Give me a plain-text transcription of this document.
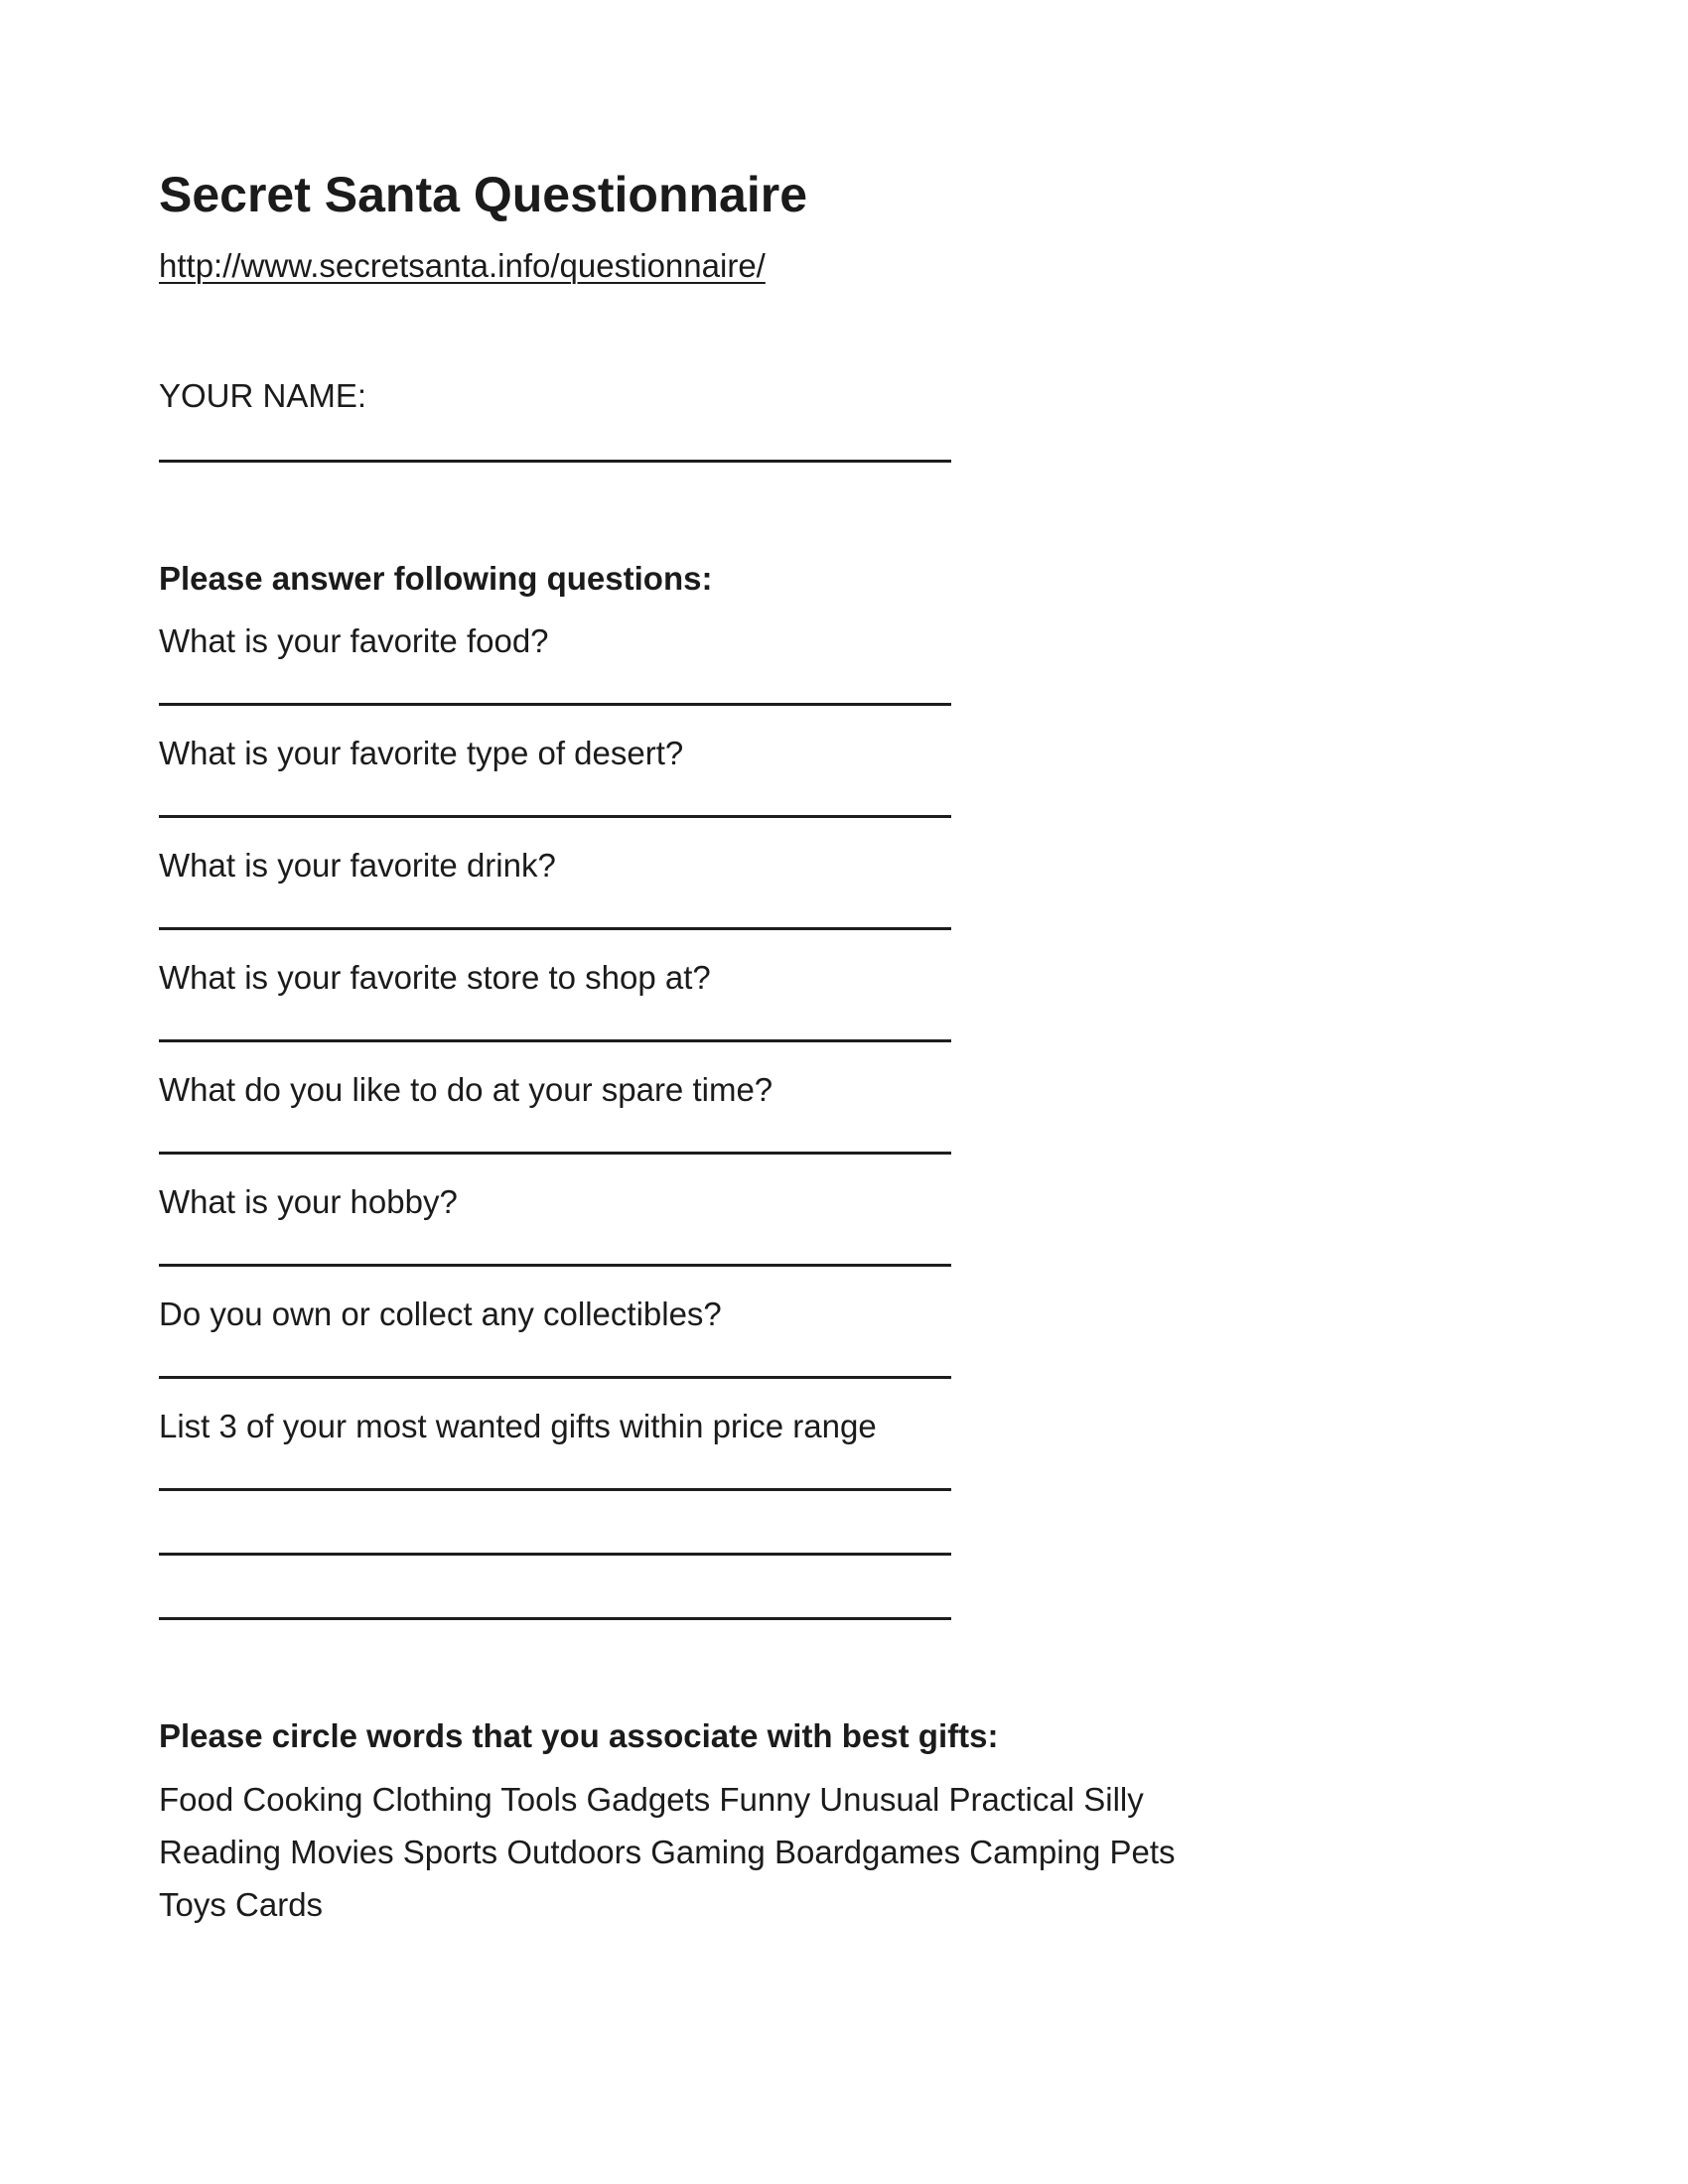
Secret Santa Questionnaire
http://www.secretsanta.info/questionnaire/

YOUR NAME:

Please answer following questions:

What is your favorite food?

What is your favorite type of desert?

What is your favorite drink?

What is your favorite store to shop at?

What do you like to do at your spare time?

What is your hobby?

Do you own or collect any collectibles?

List 3 of your most wanted gifts within price range

Please circle words that you associate with best gifts:

Food Cooking Clothing Tools Gadgets Funny Unusual Practical Silly
Reading Movies Sports Outdoors Gaming Boardgames Camping Pets
Toys Cards
